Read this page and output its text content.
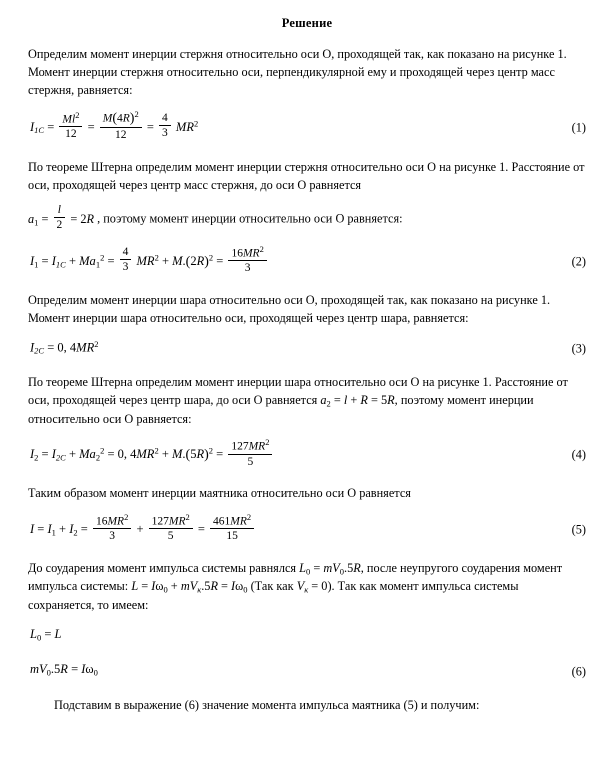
Решение

Определим момент инерции стержня относительно оси О, проходящей так, как показано на рисунке 1. Момент инерции стержня относительно оси, перпендикулярной ему и проходящей через центр масс стержня, равняется:

$I_{1C} = \frac{Ml^2}{12} = \frac{M(4R)^2}{12} = \frac{4}{3} MR^2$	(1)

По теореме Штерна определим момент инерции стержня относительно оси О на рисунке 1. Расстояние от оси, проходящей через центр масс стержня, до оси О равняется

$a_1 = \frac{l}{2} = 2R$ , поэтому момент инерции относительно оси О равняется:

$I_1 = I_{1C} + Ma_1^2 = \frac{4}{3} MR^2 + M.(2R)^2 = \frac{16MR^2}{3}$	(2)

Определим момент инерции шара относительно оси О, проходящей так, как показано на рисунке 1. Момент инерции шара относительно оси, проходящей через центр шара, равняется:

$I_{2C} = 0$, $4MR^2$	(3)

По теореме Штерна определим момент инерции шара относительно оси О на рисунке 1. Расстояние от оси, проходящей через центр шара, до оси О равняется $a_2 = l + R = 5R$, поэтому момент инерции относительно оси О равняется:

$I_2 = I_{2C} + Ma_2^2 = 0$, $4MR^2 + M.(5R)^2 = \frac{127MR^2}{5}$	(4)

Таким образом момент инерции маятника относительно оси О равняется

$I = I_1 + I_2 = \frac{16MR^2}{3} + \frac{127MR^2}{5} = \frac{461MR^2}{15}$	(5)

До соударения момент импульса системы равнялся $L_0 = mV_0.5R$, после неупругого соударения момент импульса системы: $L = I\omega_0 + mV_к.5R = I\omega_0$ (Так как $V_к = 0$). Так как момент импульса системы сохраняется, то имеем:

$L_0 = L$
$mV_0.5R = I\omega_0$	(6)

Подставим в выражение (6) значение момента импульса маятника (5) и получим:
